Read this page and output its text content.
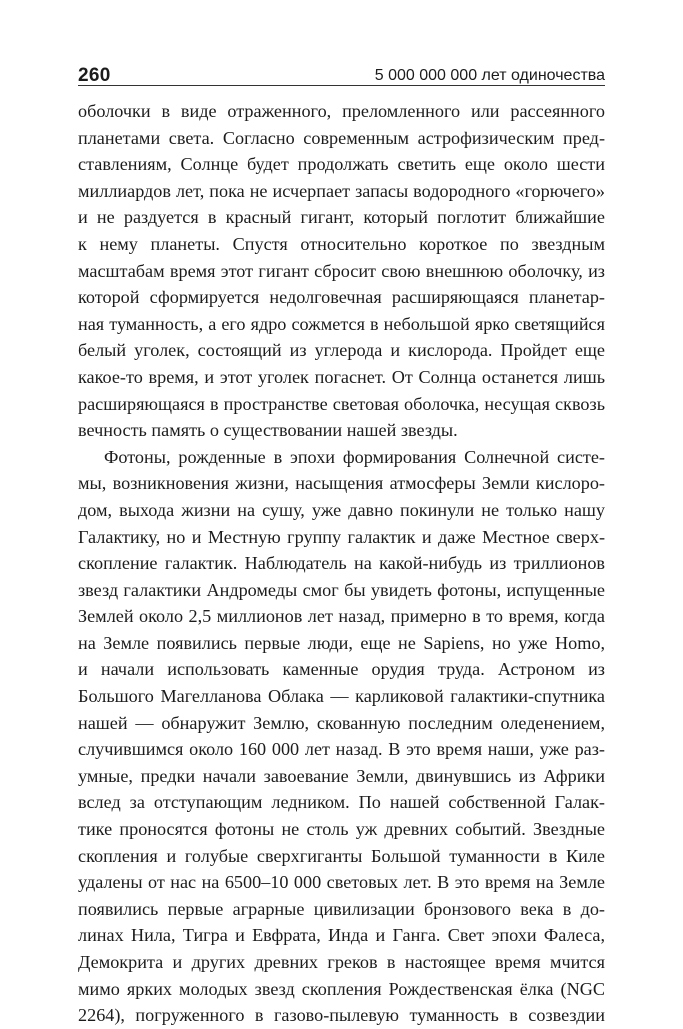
260	5 000 000 000 лет одиночества
оболочки в виде отраженного, преломленного или рассеянного
планетами света. Согласно современным астрофизическим пред-
ставлениям, Солнце будет продолжать светить еще около шести
миллиардов лет, пока не исчерпает запасы водородного «горючего»
и не раздуется в красный гигант, который поглотит ближайшие
к нему планеты. Спустя относительно короткое по звездным
масштабам время этот гигант сбросит свою внешнюю оболочку, из
которой сформируется недолговечная расширяющаяся планетар-
ная туманность, а его ядро сожмется в небольшой ярко светящийся
белый уголек, состоящий из углерода и кислорода. Пройдет еще
какое-то время, и этот уголек погаснет. От Солнца останется лишь
расширяющаяся в пространстве световая оболочка, несущая сквозь
вечность память о существовании нашей звезды.
Фотоны, рожденные в эпохи формирования Солнечной систе-
мы, возникновения жизни, насыщения атмосферы Земли кислоро-
дом, выхода жизни на сушу, уже давно покинули не только нашу
Галактику, но и Местную группу галактик и даже Местное сверх-
скопление галактик. Наблюдатель на какой-нибудь из триллионов
звезд галактики Андромеды смог бы увидеть фотоны, испущенные
Землей около 2,5 миллионов лет назад, примерно в то время, когда
на Земле появились первые люди, еще не Sapiens, но уже Homo,
и начали использовать каменные орудия труда. Астроном из
Большого Магелланова Облака — карликовой галактики-спутника
нашей — обнаружит Землю, скованную последним оледенением,
случившимся около 160 000 лет назад. В это время наши, уже раз-
умные, предки начали завоевание Земли, двинувшись из Африки
вслед за отступающим ледником. По нашей собственной Галак-
тике проносятся фотоны не столь уж древних событий. Звездные
скопления и голубые сверхгиганты Большой туманности в Киле
удалены от нас на 6500–10 000 световых лет. В это время на Земле
появились первые аграрные цивилизации бронзового века в до-
линах Нила, Тигра и Евфрата, Инда и Ганга. Свет эпохи Фалеса,
Демокрита и других древних греков в настоящее время мчится
мимо ярких молодых звезд скопления Рождественская ёлка (NGC
2264), погруженного в газово-пылевую туманность в созвездии
